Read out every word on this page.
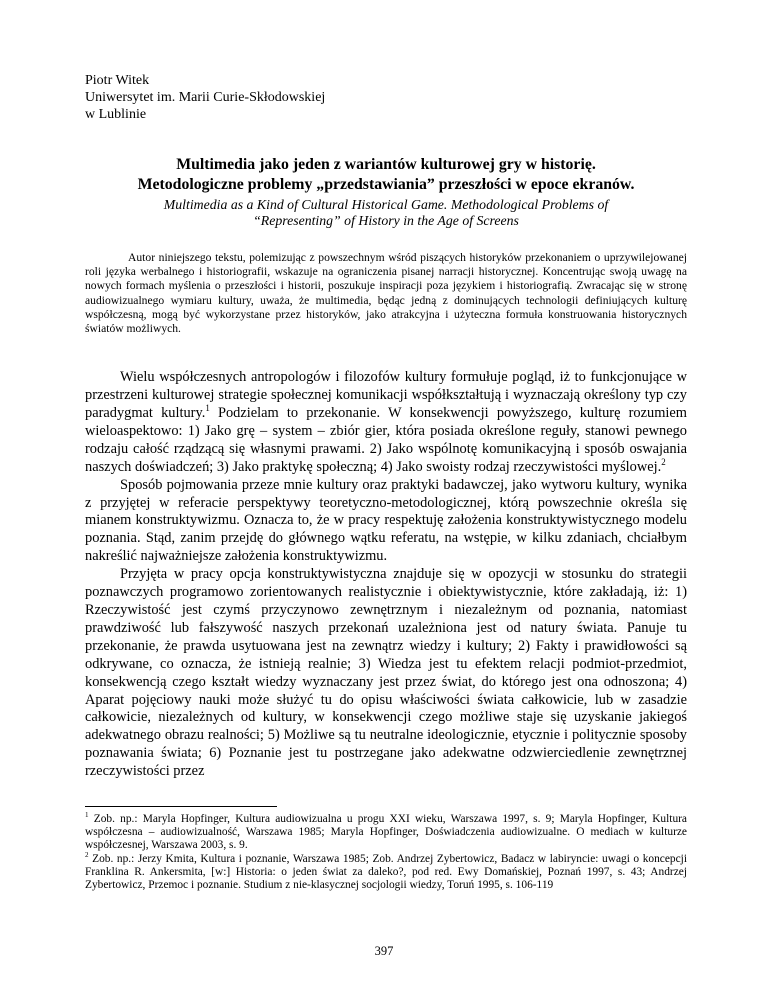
Piotr Witek
Uniwersytet im. Marii Curie-Skłodowskiej
w Lublinie
Multimedia jako jeden z wariantów kulturowej gry w historię.
Metodologiczne problemy „przedstawiania” przeszłości w epoce ekranów.
Multimedia as a Kind of Cultural Historical Game. Methodological Problems of
“Representing” of History in the Age of Screens
Autor niniejszego tekstu, polemizując z powszechnym wśród piszących historyków przekonaniem o uprzywilejowanej roli języka werbalnego i historiografii, wskazuje na ograniczenia pisanej narracji historycznej. Koncentrując swoją uwagę na nowych formach myślenia o przeszłości i historii, poszukuje inspiracji poza językiem i historiografią. Zwracając się w stronę audiowizualnego wymiaru kultury, uważa, że multimedia, będąc jedną z dominujących technologii definiujących kulturę współczesną, mogą być wykorzystane przez historyków, jako atrakcyjna i użyteczna formuła konstruowania historycznych światów możliwych.

Wielu współczesnych antropologów i filozofów kultury formułuje pogląd, iż to funkcjonujące w przestrzeni kulturowej strategie społecznej komunikacji współkształtują i wyznaczają określony typ czy paradygmat kultury.$^1$ Podzielam to przekonanie. W konsekwencji powyższego, kulturę rozumiem wieloaspektowo: 1) Jako grę – system – zbiór gier, która posiada określone reguły, stanowi pewnego rodzaju całość rządzącą się własnymi prawami. 2) Jako wspólnotę komunikacyjną i sposób oswajania naszych doświadczeń; 3) Jako praktykę społeczną; 4) Jako swoisty rodzaj rzeczywistości myślowej.$^2$

Sposób pojmowania przeze mnie kultury oraz praktyki badawczej, jako wytworu kultury, wynika z przyjętej w referacie perspektywy teoretyczno-metodologicznej, którą powszechnie określa się mianem konstruktywizmu. Oznacza to, że w pracy respektuję założenia konstruktywistycznego modelu poznania. Stąd, zanim przejdę do głównego wątku referatu, na wstępie, w kilku zdaniach, chciałbym nakreślić najważniejsze założenia konstruktywizmu.

Przyjęta w pracy opcja konstruktywistyczna znajduje się w opozycji w stosunku do strategii poznawczych programowo zorientowanych realistycznie i obiektywistycznie, które zakładają, iż: 1) Rzeczywistość jest czymś przyczynowo zewnętrznym i niezależnym od poznania, natomiast prawdziwość lub fałszywość naszych przekonań uzależniona jest od natury świata. Panuje tu przekonanie, że prawda usytuowana jest na zewnątrz wiedzy i kultury; 2) Fakty i prawidłowości są odkrywane, co oznacza, że istnieją realnie; 3) Wiedza jest tu efektem relacji podmiot-przedmiot, konsekwencją czego kształt wiedzy wyznaczany jest przez świat, do którego jest ona odnoszona; 4) Aparat pojęciowy nauki może służyć tu do opisu właściwości świata całkowicie, lub w zasadzie całkowicie, niezależnych od kultury, w konsekwencji czego możliwe staje się uzyskanie jakiegoś adekwatnego obrazu realności; 5) Możliwe są tu neutralne ideologicznie, etycznie i politycznie sposoby poznawania świata; 6) Poznanie jest tu postrzegane jako adekwatne odzwierciedlenie zewnętrznej rzeczywistości przez

$^1$ Zob. np.: Maryla Hopfinger, Kultura audiowizualna u progu XXI wieku, Warszawa 1997, s. 9; Maryla Hopfinger, Kultura współczesna – audiowizualność, Warszawa 1985; Maryla Hopfinger, Doświadczenia audiowizualne. O mediach w kulturze współczesnej, Warszawa 2003, s. 9.
$^2$ Zob. np.: Jerzy Kmita, Kultura i poznanie, Warszawa 1985; Zob. Andrzej Zybertowicz, Badacz w labiryncie: uwagi o koncepcji Franklina R. Ankersmita, [w:] Historia: o jeden świat za daleko?, pod red. Ewy Domańskiej, Poznań 1997, s. 43; Andrzej Zybertowicz, Przemoc i poznanie. Studium z nie-klasycznej socjologii wiedzy, Toruń 1995, s. 106-119
397
